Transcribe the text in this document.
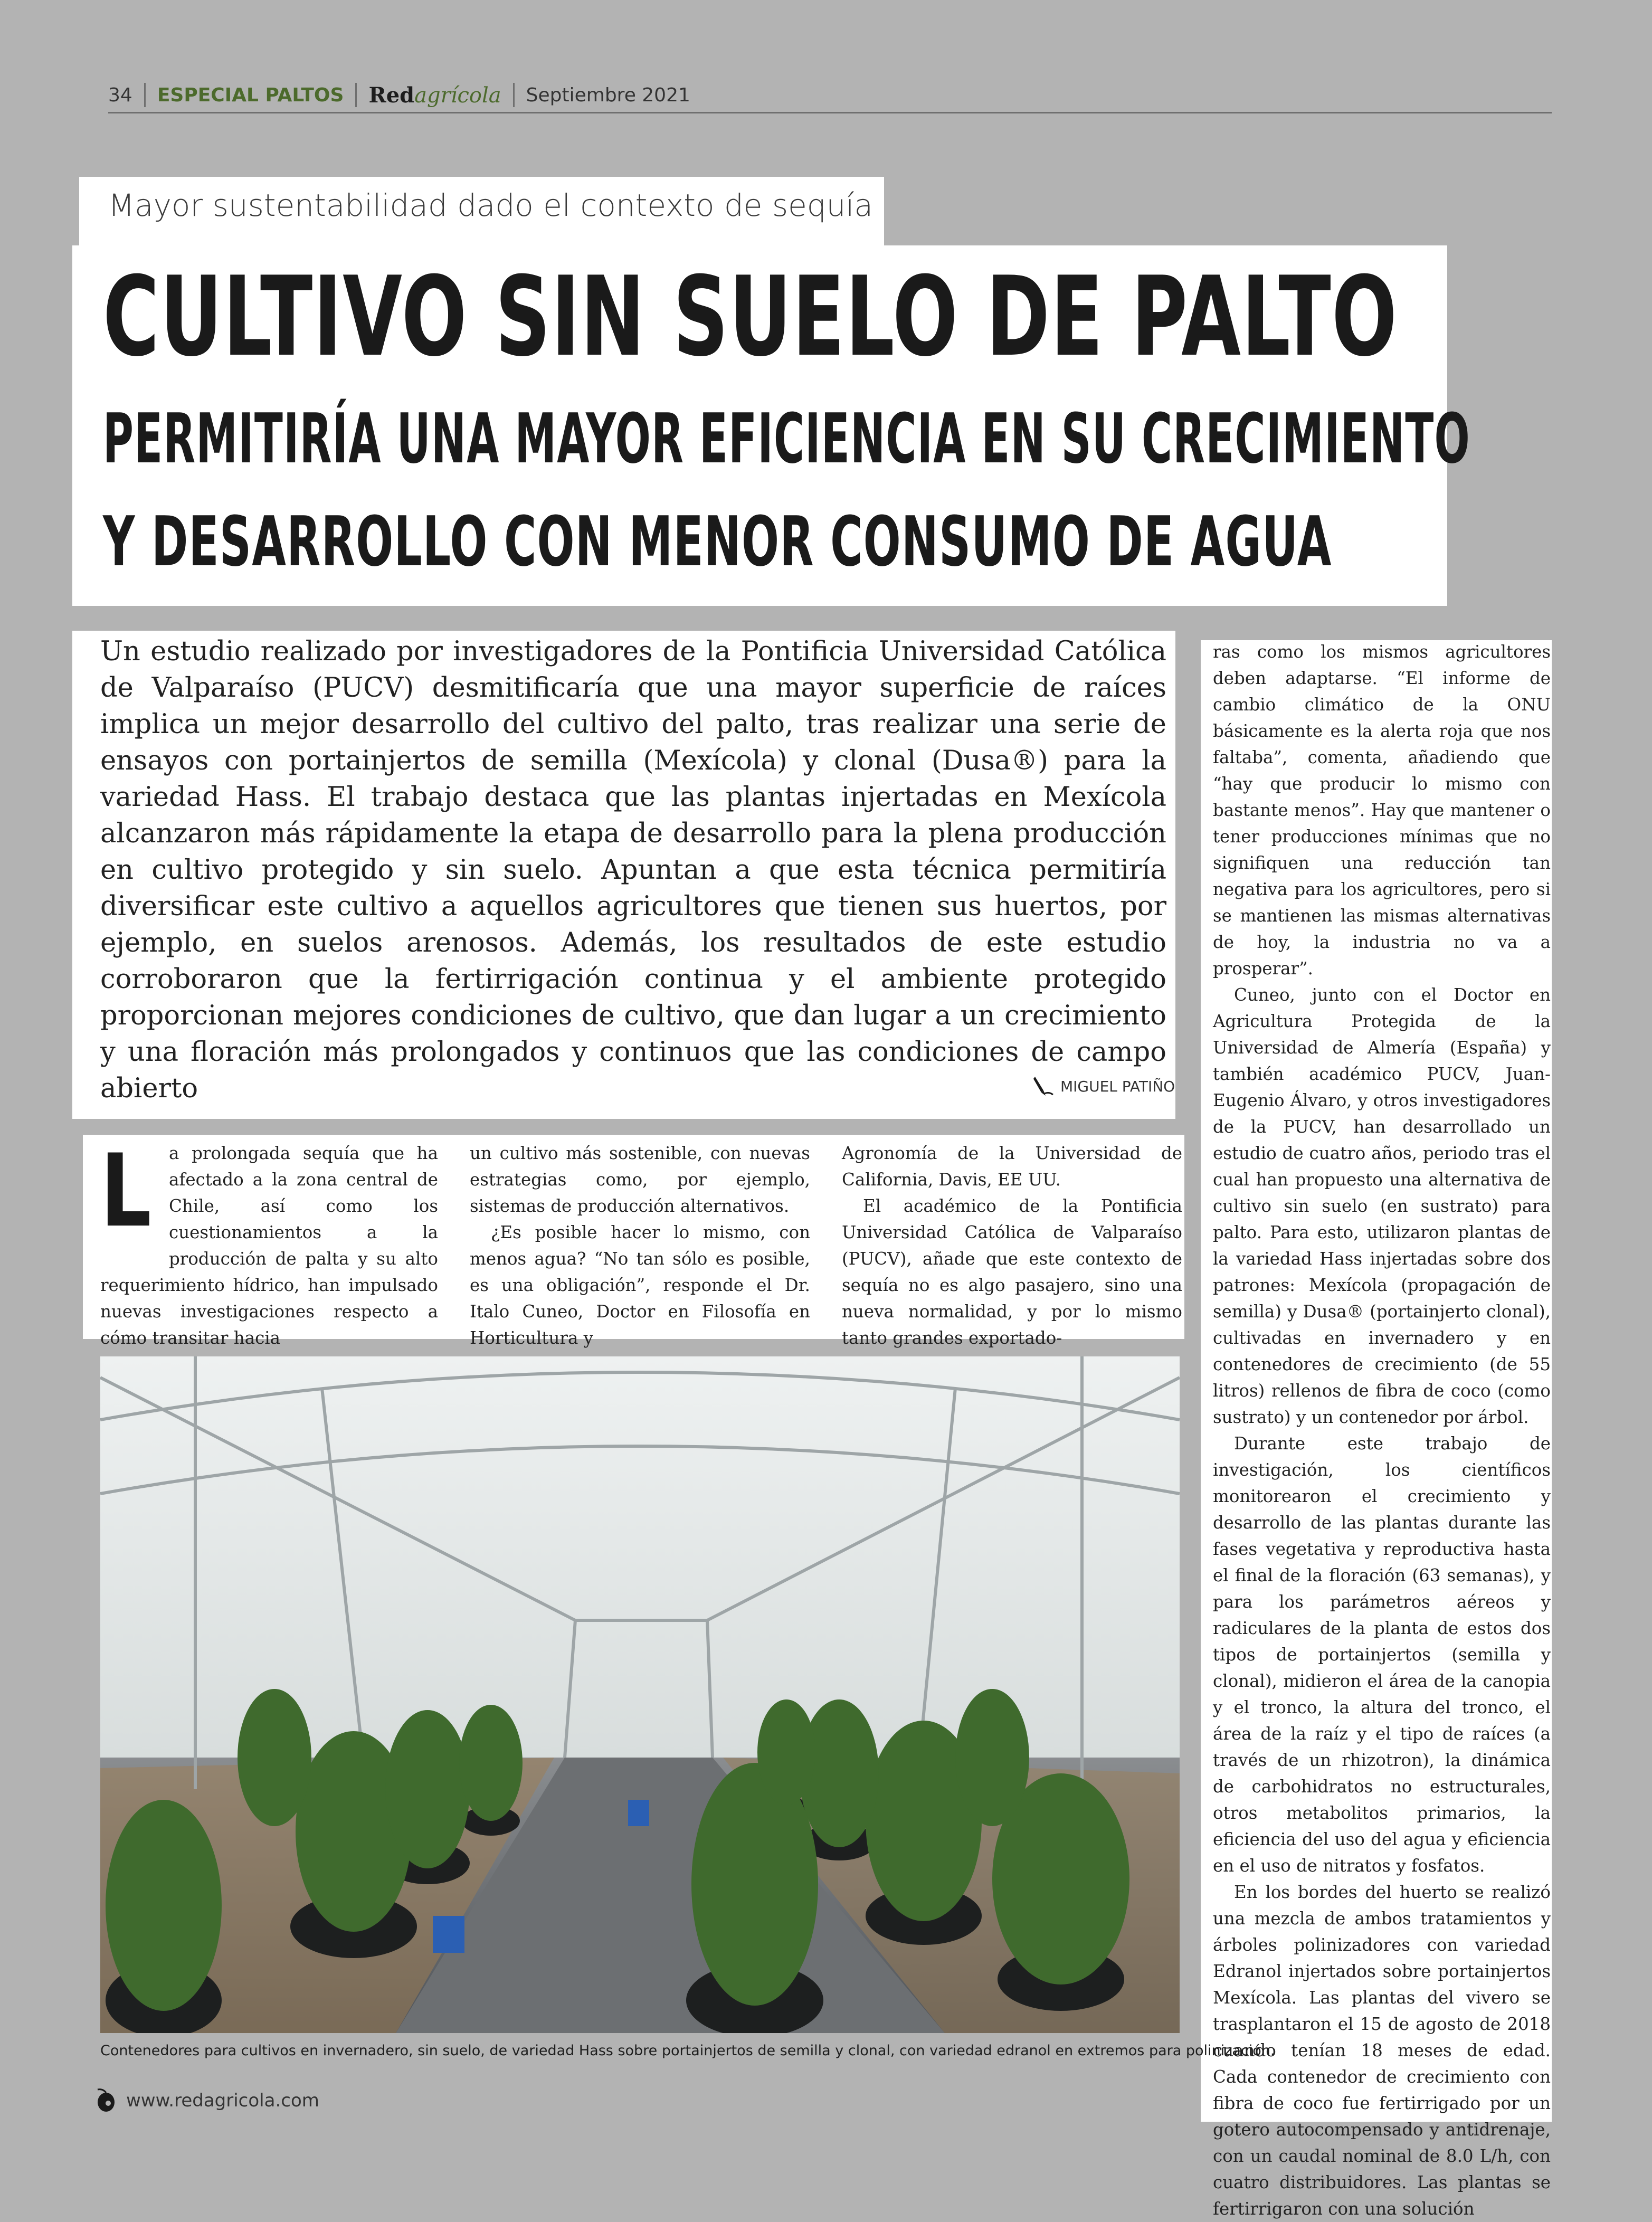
34 ESPECIAL PALTOS Redagrícola Septiembre 2021
Mayor sustentabilidad dado el contexto de sequía
CULTIVO SIN SUELO DE PALTO
PERMITIRÍA UNA MAYOR EFICIENCIA EN SU CRECIMIENTO
Y DESARROLLO CON MENOR CONSUMO DE AGUA
Un estudio realizado por investigadores de la Pontificia Universidad Católica de Valparaíso (PUCV) desmitificaría que una mayor superficie de raíces implica un mejor desarrollo del cultivo del palto, tras realizar una serie de ensayos con portainjertos de semilla (Mexícola) y clonal (Dusa®) para la variedad Hass. El trabajo destaca que las plantas injertadas en Mexícola alcanzaron más rápidamente la etapa de desarrollo para la plena producción en cultivo protegido y sin suelo. Apuntan a que esta técnica permitiría diversificar este cultivo a aquellos agricultores que tienen sus huertos, por ejemplo, en suelos arenosos. Además, los resultados de este estudio corroboraron que la fertirrigación continua y el ambiente protegido proporcionan mejores condiciones de cultivo, que dan lugar a un crecimiento y una floración más prolongados y continuos que las condiciones de campo abierto	MIGUEL PATIÑO
L	a prolongada sequía que ha afectado a la zona central de Chile, así como los cuestionamientos a la producción de palta y su alto requerimiento hídrico, han impulsado nuevas investigaciones respecto a cómo transitar hacia

un cultivo más sostenible, con nuevas estrategias como, por ejemplo, sistemas de producción alternativos.

¿Es posible hacer lo mismo, con menos agua? “No tan sólo es posible, es una obligación”, responde el Dr. Italo Cuneo, Doctor en Filosofía en Horticultura y

Agronomía de la Universidad de California, Davis, EE UU.

El académico de la Pontificia Universidad Católica de Valparaíso (PUCV), añade que este contexto de sequía no es algo pasajero, sino una nueva normalidad, y por lo mismo tanto grandes exportado-

ras como los mismos agricultores deben adaptarse. “El informe de cambio climático de la ONU básicamente es la alerta roja que nos faltaba”, comenta, añadiendo que “hay que producir lo mismo con bastante menos”. Hay que mantener o tener producciones mínimas que no signifiquen una reducción tan negativa para los agricultores, pero si se mantienen las mismas alternativas de hoy, la industria no va a prosperar”.

Cuneo, junto con el Doctor en Agricultura Protegida de la Universidad de Almería (España) y también académico PUCV, Juan-Eugenio Álvaro, y otros investigadores de la PUCV, han desarrollado un estudio de cuatro años, periodo tras el cual han propuesto una alternativa de cultivo sin suelo (en sustrato) para palto. Para esto, utilizaron plantas de la variedad Hass injertadas sobre dos patrones: Mexícola (propagación de semilla) y Dusa® (portainjerto clonal), cultivadas en invernadero y en contenedores de crecimiento (de 55 litros) rellenos de fibra de coco (como sustrato) y un contenedor por árbol.

Durante este trabajo de investigación, los científicos monitorearon el crecimiento y desarrollo de las plantas durante las fases vegetativa y reproductiva hasta el final de la floración (63 semanas), y para los parámetros aéreos y radiculares de la planta de estos dos tipos de portainjertos (semilla y clonal), midieron el área de la canopia y el tronco, la altura del tronco, el área de la raíz y el tipo de raíces (a través de un rhizotron), la dinámica de carbohidratos no estructurales, otros metabolitos primarios, la eficiencia del uso del agua y eficiencia en el uso de nitratos y fosfatos.

En los bordes del huerto se realizó una mezcla de ambos tratamientos y árboles polinizadores con variedad Edranol injertados sobre portainjertos Mexícola. Las plantas del vivero se trasplantaron el 15 de agosto de 2018 cuando tenían 18 meses de edad. Cada contenedor de crecimiento con fibra de coco fue fertirrigado por un gotero autocompensado y antidrenaje, con un caudal nominal de 8.0 L/h, con cuatro distribuidores. Las plantas se fertirrigaron con una solución

Contenedores para cultivos en invernadero, sin suelo, de variedad Hass sobre portainjertos de semilla y clonal, con variedad edranol en extremos para polinización.
www.redagricola.com
